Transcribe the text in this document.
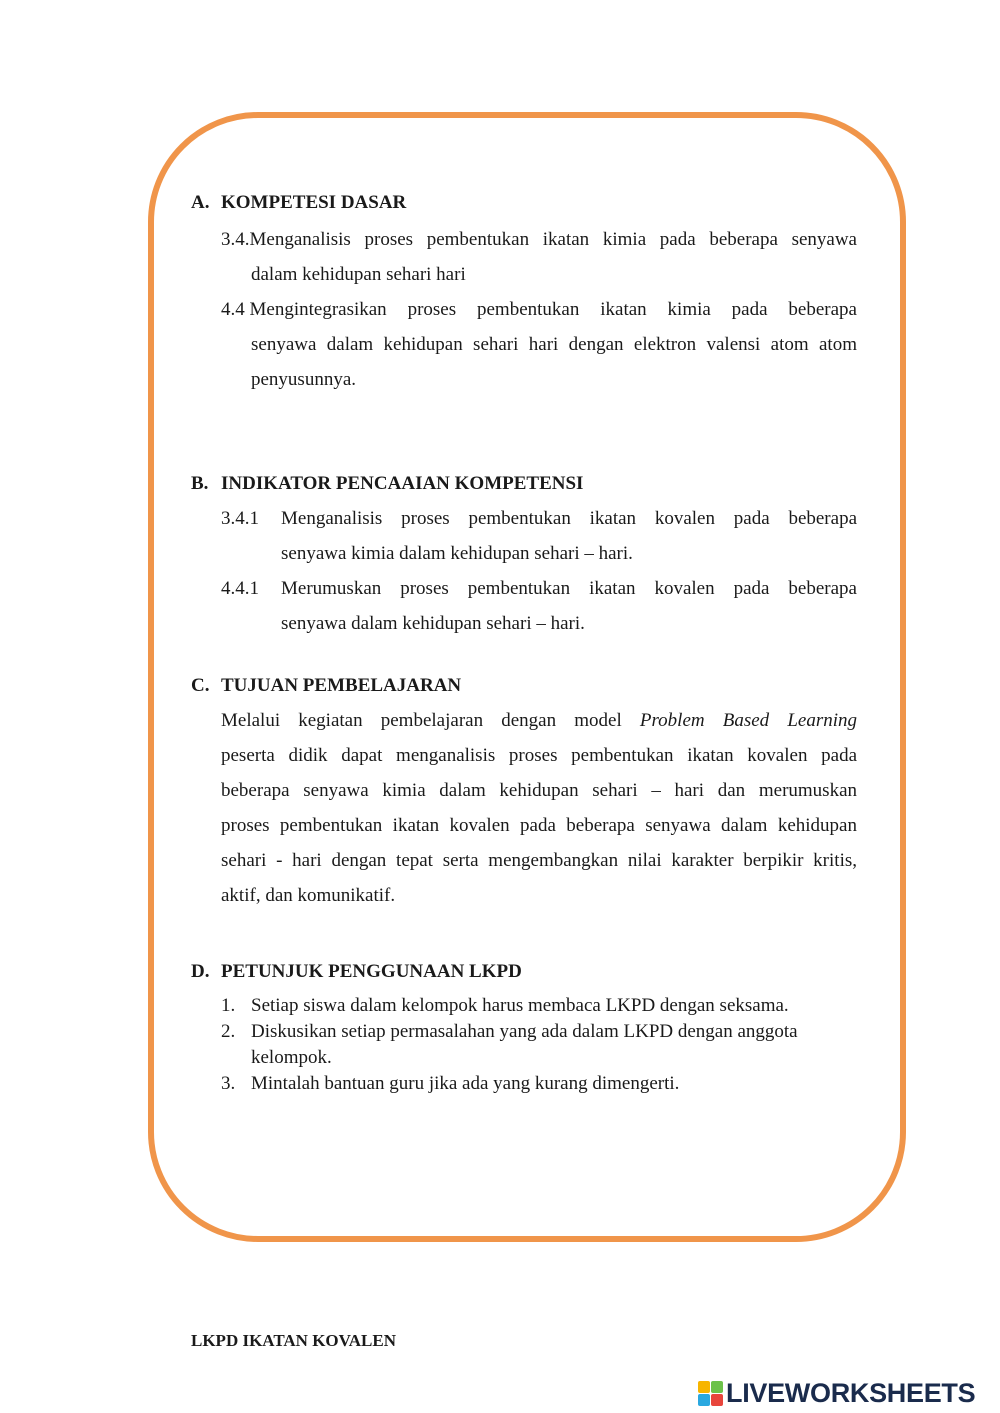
A. KOMPETESI DASAR
3.4. Menganalisis proses pembentukan ikatan kimia pada beberapa senyawa
dalam kehidupan sehari hari
4.4 Mengintegrasikan proses pembentukan ikatan kimia pada beberapa
senyawa dalam kehidupan sehari hari dengan elektron valensi atom atom
penyusunnya.
B. INDIKATOR PENCAAIAN KOMPETENSI
3.4.1	Menganalisis proses pembentukan ikatan kovalen pada beberapa
senyawa kimia dalam kehidupan sehari – hari.
4.4.1	Merumuskan proses pembentukan ikatan kovalen pada beberapa
senyawa dalam kehidupan sehari – hari.
C. TUJUAN PEMBELAJARAN
Melalui kegiatan pembelajaran dengan model Problem Based Learning
peserta didik dapat menganalisis proses pembentukan ikatan kovalen pada
beberapa senyawa kimia dalam kehidupan sehari – hari dan merumuskan
proses pembentukan ikatan kovalen pada beberapa senyawa dalam kehidupan
sehari - hari dengan tepat serta mengembangkan nilai karakter berpikir kritis,
aktif, dan komunikatif.
D. PETUNJUK PENGGUNAAN LKPD
1. Setiap siswa dalam kelompok harus membaca LKPD dengan seksama.
2. Diskusikan setiap permasalahan yang ada dalam LKPD dengan anggota
kelompok.
3. Mintalah bantuan guru jika ada yang kurang dimengerti.
LKPD IKATAN KOVALEN
LIVEWORKSHEETS
